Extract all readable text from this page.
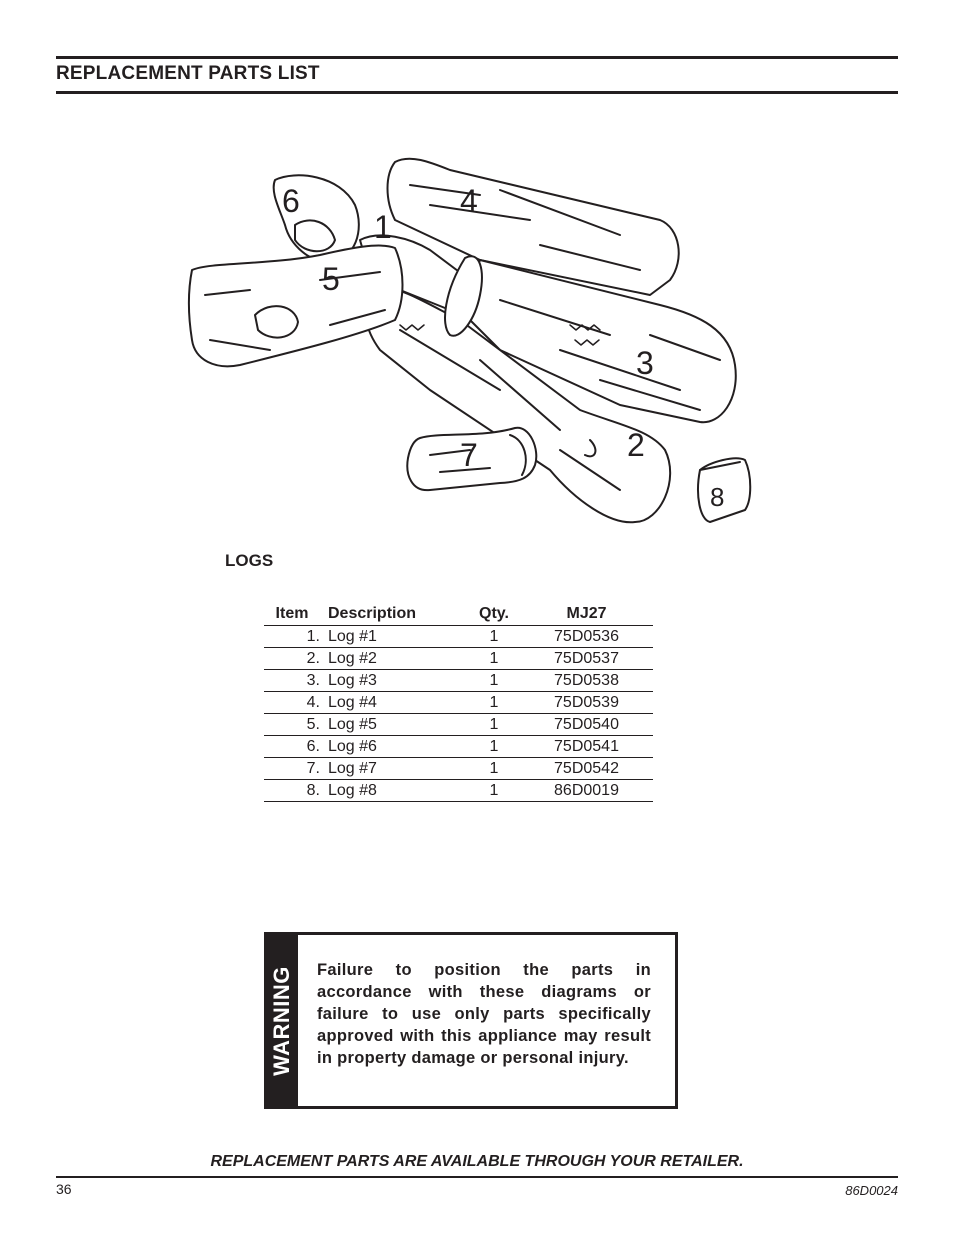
REPLACEMENT PARTS LIST
1
2
3
4
5
6
7
8
LOGS
Item	Description	Qty.	MJ27
1.	Log #1	1	75D0536
2.	Log #2	1	75D0537
3.	Log #3	1	75D0538
4.	Log #4	1	75D0539
5.	Log #5	1	75D0540
6.	Log #6	1	75D0541
7.	Log #7	1	75D0542
8.	Log #8	1	86D0019
WARNING Failure to position the parts in accordance with these diagrams or failure to use only parts specifically approved with this appliance may result in property damage or personal injury.
REPLACEMENT PARTS ARE AVAILABLE THROUGH YOUR RETAILER.
36	86D0024
